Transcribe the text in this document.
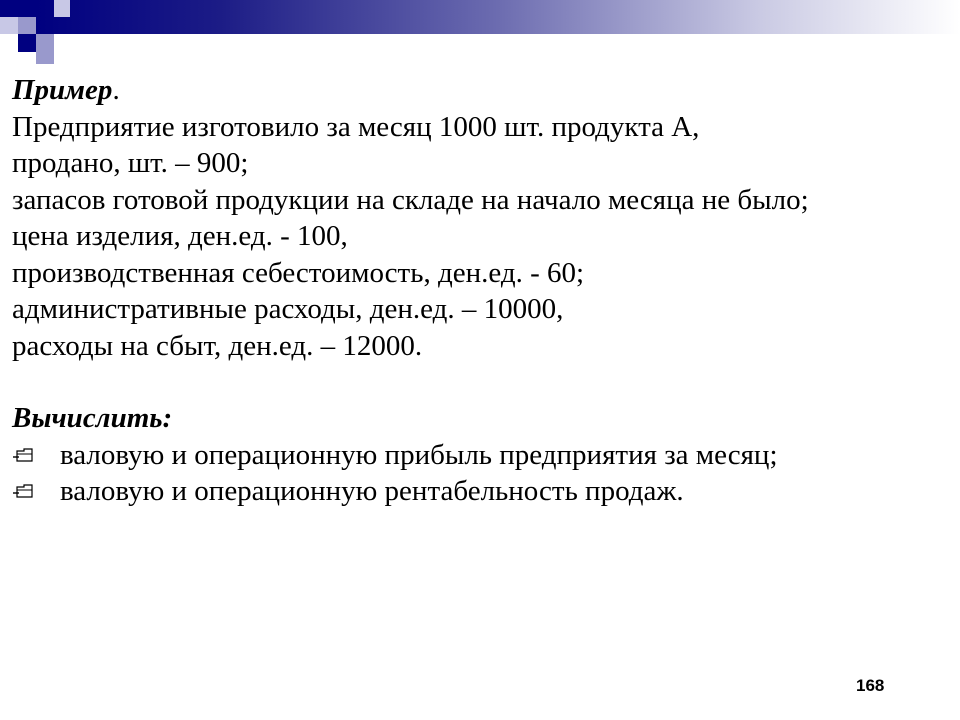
Пример.
Предприятие изготовило за месяц 1000 шт. продукта А,
продано, шт. – 900;
запасов готовой продукции на складе на начало месяца не было;
цена изделия, ден.ед. - 100,
производственная себестоимость, ден.ед. - 60;
административные расходы, ден.ед. – 10000,
расходы на сбыт, ден.ед. – 12000.
Вычислить:
валовую и операционную прибыль предприятия за месяц;
валовую и операционную рентабельность продаж.
168
